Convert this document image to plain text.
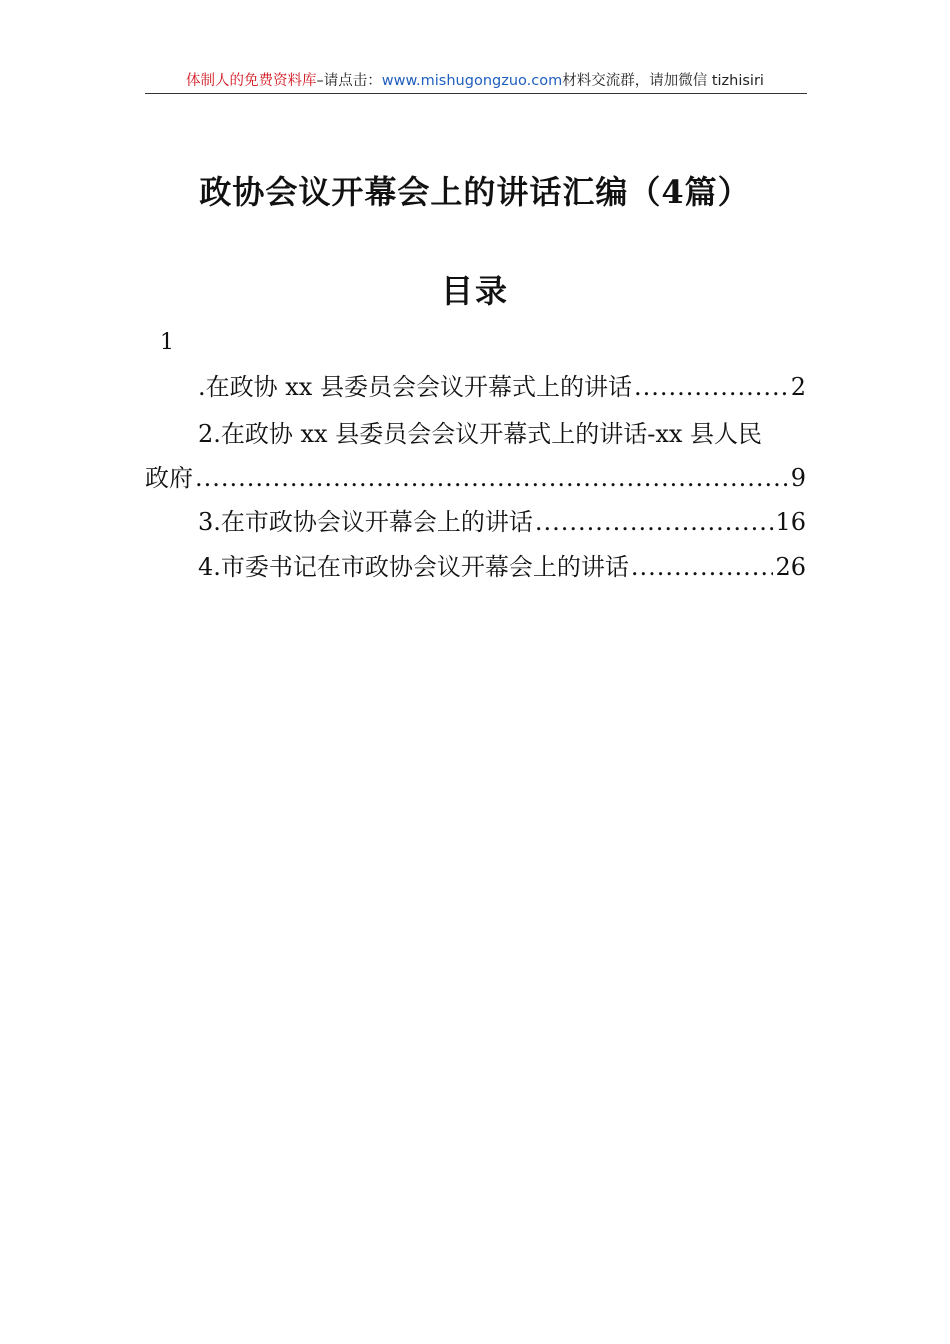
体制人的免费资料库–请点击：www.mishugongzuo.com材料交流群，请加微信 tizhisiri
政协会议开幕会上的讲话汇编（4篇）
目录
1
.在政协 xx 县委员会会议开幕式上的讲话 .....	2
2.在政协 xx 县委员会会议开幕式上的讲话-xx 县人民
政府 .....	9
3.在市政协会议开幕会上的讲话 .....	16
4.市委书记在市政协会议开幕会上的讲话 .....	26
